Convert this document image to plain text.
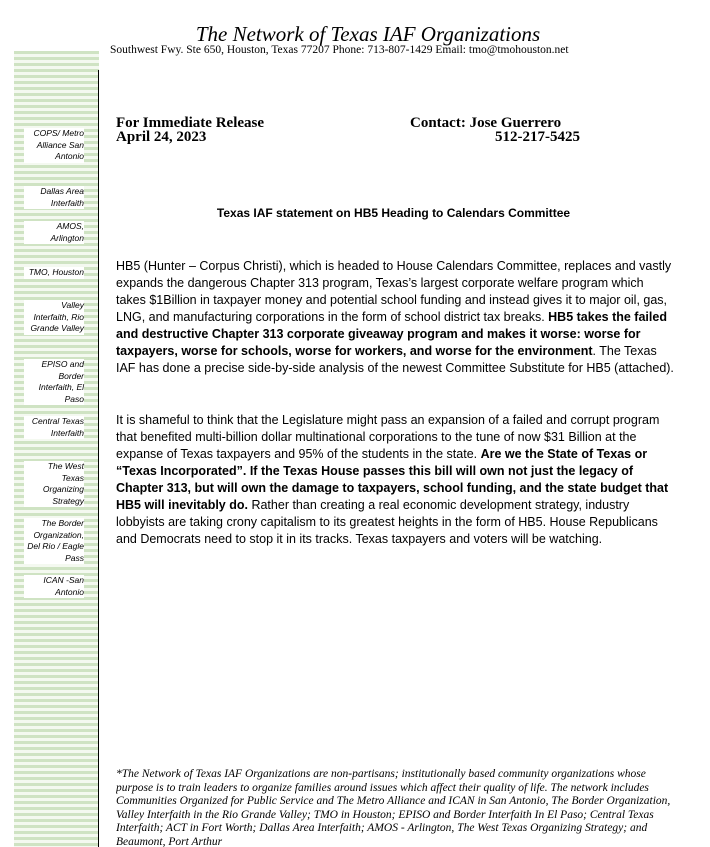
The Network of Texas IAF Organizations
Southwest Fwy. Ste 650, Houston, Texas 77207 Phone: 713-807-1429 Email: tmo@tmohouston.net
COPS/ Metro Alliance San Antonio
Dallas Area Interfaith
AMOS, Arlington
TMO, Houston
Valley Interfaith, Rio Grande Valley
EPISO and Border Interfaith, El Paso
Central Texas Interfaith
The West Texas Organizing Strategy
The Border Organization, Del Rio / Eagle Pass
ICAN -San Antonio
For Immediate Release
April 24, 2023
Contact: Jose Guerrero
512-217-5425
Texas IAF statement on HB5 Heading to Calendars Committee
HB5 (Hunter – Corpus Christi), which is headed to House Calendars Committee, replaces and vastly expands the dangerous Chapter 313 program, Texas’s largest corporate welfare program which takes $1Billion in taxpayer money and potential school funding and instead gives it to major oil, gas, LNG, and manufacturing corporations in the form of school district tax breaks. HB5 takes the failed and destructive Chapter 313 corporate giveaway program and makes it worse: worse for taxpayers, worse for schools, worse for workers, and worse for the environment. The Texas IAF has done a precise side-by-side analysis of the newest Committee Substitute for HB5 (attached).
It is shameful to think that the Legislature might pass an expansion of a failed and corrupt program that benefited multi-billion dollar multinational corporations to the tune of now $31 Billion at the expanse of Texas taxpayers and 95% of the students in the state. Are we the State of Texas or “Texas Incorporated”. If the Texas House passes this bill will own not just the legacy of Chapter 313, but will own the damage to taxpayers, school funding, and the state budget that HB5 will inevitably do. Rather than creating a real economic development strategy, industry lobbyists are taking crony capitalism to its greatest heights in the form of HB5. House Republicans and Democrats need to stop it in its tracks. Texas taxpayers and voters will be watching.
*The Network of Texas IAF Organizations are non-partisans; institutionally based community organizations whose purpose is to train leaders to organize families around issues which affect their quality of life. The network includes Communities Organized for Public Service and The Metro Alliance and ICAN in San Antonio, The Border Organization, Valley Interfaith in the Rio Grande Valley; TMO in Houston; EPISO and Border Interfaith In El Paso; Central Texas Interfaith; ACT in Fort Worth; Dallas Area Interfaith; AMOS - Arlington, The West Texas Organizing Strategy; and Beaumont, Port Arthur
